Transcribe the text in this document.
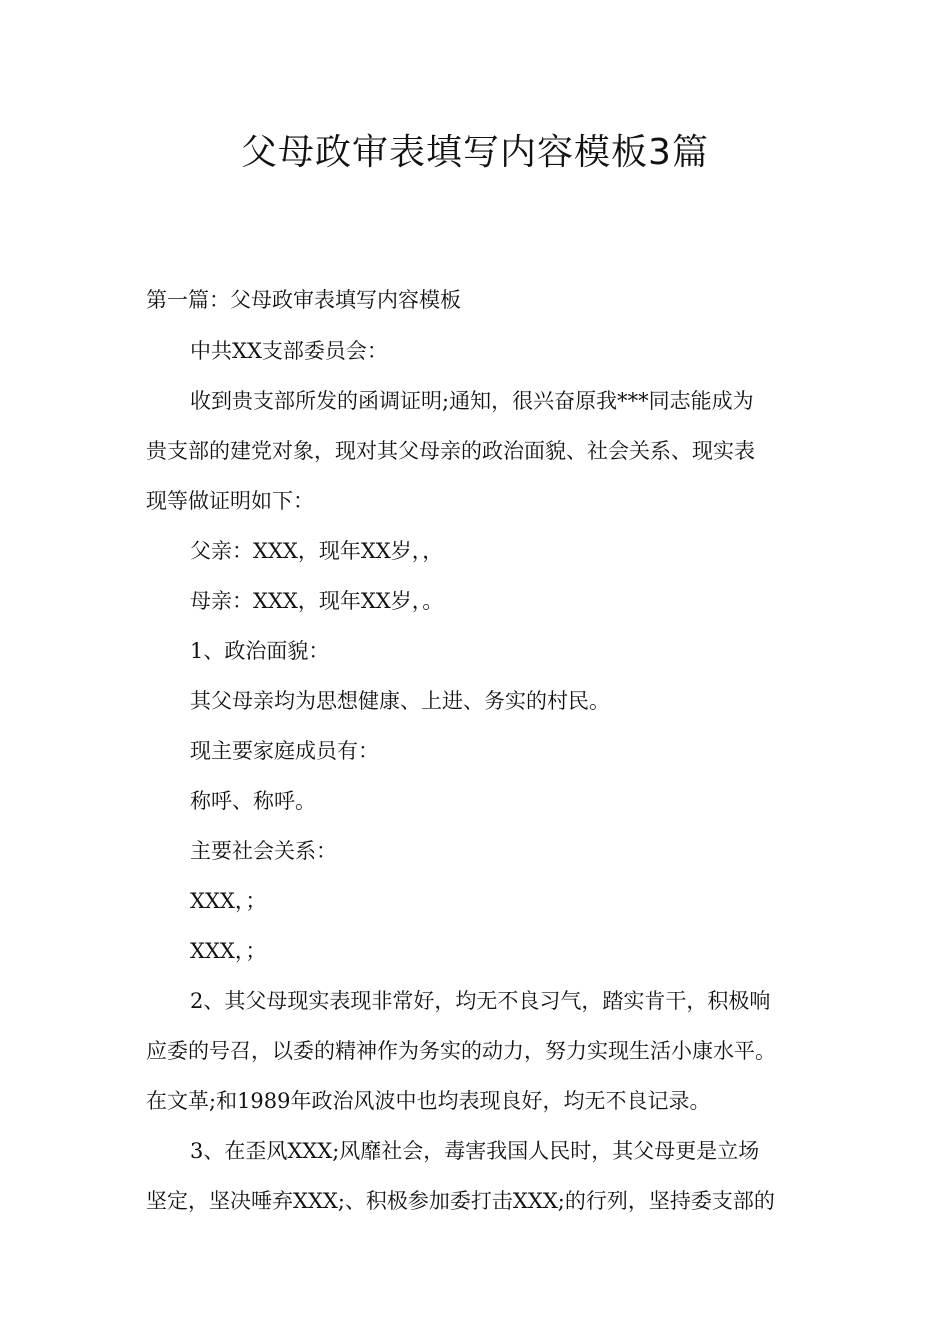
父母政审表填写内容模板3篇

第一篇：父母政审表填写内容模板

中共XX支部委员会：

收到贵支部所发的函调证明;通知，很兴奋原我***同志能成为

贵支部的建党对象，现对其父母亲的政治面貌、社会关系、现实表

现等做证明如下：

父亲：XXX，现年XX岁，，

母亲：XXX，现年XX岁，。

1、政治面貌：

其父母亲均为思想健康、上进、务实的村民。

现主要家庭成员有：

称呼、称呼。

主要社会关系：

XXX，；

XXX，；

2、其父母现实表现非常好，均无不良习气，踏实肯干，积极响

应委的号召，以委的精神作为务实的动力，努力实现生活小康水平。

在文革;和1989年政治风波中也均表现良好，均无不良记录。

3、在歪风XXX;风靡社会，毒害我国人民时，其父母更是立场

坚定，坚决唾弃XXX;、积极参加委打击XXX;的行列，坚持委支部的
